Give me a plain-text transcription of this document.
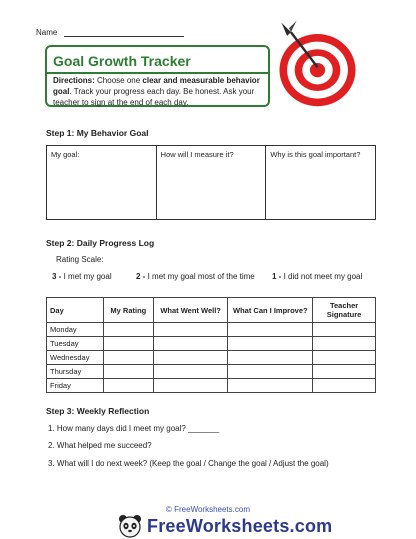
Name
Goal Growth Tracker
Directions: Choose one clear and measurable behavior goal. Track your progress each day. Be honest. Ask your teacher to sign at the end of each day.
Step 1: My Behavior Goal
My goal:	How will I measure it?	Why is this goal important?
Step 2: Daily Progress Log
Rating Scale:
3 - I met my goal	2 - I met my goal most of the time 1 - I did not meet my goal
Day	My Rating	What Went Well?	What Can I Improve?	Teacher Signature
Monday				
Tuesday				
Wednesday				
Thursday				
Friday				
Step 3: Weekly Reflection
1. How many days did I meet my goal? _______
2. What helped me succeed?
3. What will I do next week? (Keep the goal / Change the goal / Adjust the goal)
© FreeWorksheets.com
Free Worksheets.com
